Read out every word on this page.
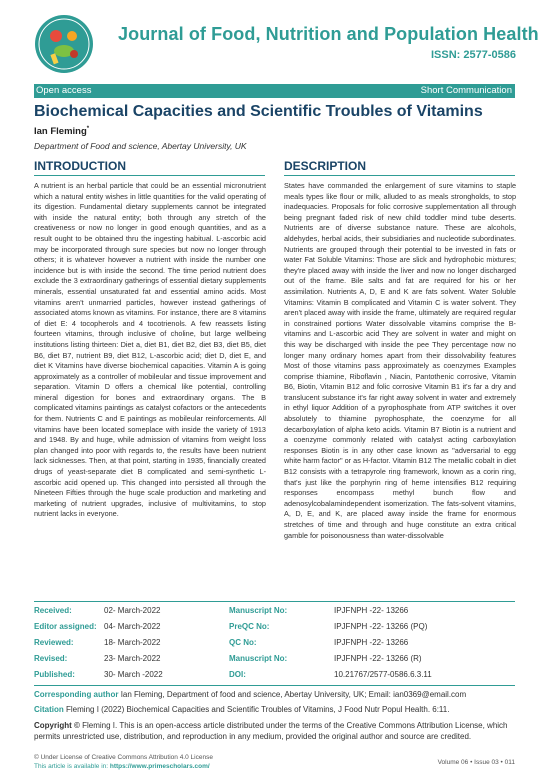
Journal of Food, Nutrition and Population Health
ISSN: 2577-0586
Open access	Short Communication
Biochemical Capacities and Scientific Troubles of Vitamins
Ian Fleming*
Department of Food and science, Abertay University, UK
INTRODUCTION	DESCRIPTION

A nutrient is an herbal particle that could be an essential micronutrient which a natural entity wishes in little quantities for the valid operating of its digestion. Fundamental dietary supplements cannot be integrated with inside the natural entity; both through any stretch of the creativeness or now no longer in good enough quantities, and as a result ought to be obtained thru the ingesting habitual. L-ascorbic acid may be incorporated through sure species but now no longer through others; it is whatever however a nutrient with inside the number one incidence but is with inside the second. The time period nutrient does exclude the 3 extraordinary gatherings of essential dietary supplements minerals, essential unsaturated fat and essential amino acids. Most vitamins aren't unmarried particles, however instead gatherings of associated atoms known as vitamins. For instance, there are 8 vitamins of diet E: 4 tocopherols and 4 tocotrienols. A few reassets listing fourteen vitamins, through inclusive of choline, but large wellbeing institutions listing thirteen: Diet a, diet B1, diet B2, diet B3, diet B5, diet B6, diet B7, nutrient B9, diet B12, L-ascorbic acid; diet D, diet E, and diet K Vitamins have diverse biochemical capacities. Vitamin A is going approximately as a controller of mobileular and tissue improvement and separation. Vitamin D offers a chemical like potential, controlling mineral digestion for bones and extraordinary organs. The B complicated vitamins paintings as catalyst cofactors or the antecedents for them. Nutrients C and E paintings as mobileular reinforcements. All vitamins have been located someplace with inside the variety of 1913 and 1948. By and huge, while admission of vitamins from weight loss plan changed into poor with regards to, the results have been nutrient lack sicknesses. Then, at that point, starting in 1935, financially created drugs of yeast-separate diet B complicated and semi-synthetic L-ascorbic acid opened up. This changed into persisted all through the Nineteen Fifties through the huge scale production and marketing and marketing of nutrient upgrades, inclusive of multivitamins, to stop nutrient lacks in everyone.

States have commanded the enlargement of sure vitamins to staple meals types like flour or milk, alluded to as meals strongholds, to stop inadequacies. Proposals for folic corrosive supplementation all through being pregnant faded risk of new child toddler mind tube deserts. Nutrients are of diverse substance nature. These are alcohols, aldehydes, herbal acids, their subsidiaries and nucleotide subordinates. Nutrients are grouped through their potential to be invested in fats or water Fat Soluble Vitamins: Those are slick and hydrophobic mixtures; they're placed away with inside the liver and now no longer discharged out of the frame. Bile salts and fat are required for his or her assimilation. Nutrients A, D, E and K are fats solvent. Water Soluble Vitamins: Vitamin B complicated and Vitamin C is water solvent. They aren't placed away with inside the frame, ultimately are required regular in constrained portions Water dissolvable vitamins comprise the B-vitamins and L-ascorbic acid They are solvent in water and might on this way be discharged with inside the pee They percentage now no longer many ordinary homes apart from their dissolvability features Most of those vitamins pass approximately as coenzymes Examples comprise thiamine, Riboflavin , Niacin, Pantothenic corrosive, Vitamin B6, Biotin, Vitamin B12 and folic corrosive Vitamin B1 it's far a dry and translucent substance it's far right away solvent in water and extremely in ethyl liquor Addition of a pyrophosphate from ATP switches it over absolutely to thiamine pyrophosphate, the coenzyme for all decarboxylation of alpha keto acids. Vitamin B7 Biotin is a nutrient and a coenzyme commonly related with catalyst acting carboxylation responses Biotin is in any other case known as "adversarial to egg white harm factor" or as H-factor. Vitamin B12 The metallic cobalt in diet B12 consists with a tetrapyrole ring framework, known as a corin ring, that's just like the porphyrin ring of heme intensifies B12 requiring responses encompass methyl bunch flow and adenosylcobalamindependent isomerization. The fats-solvent vitamins, A, D, E, and K, are placed away inside the frame for enormous stretches of time and through and huge constitute an extra critical gamble for poisonousness than water-dissolvable

Received:	02- March-2022	Manuscript No:	IPJFNPH -22- 13266
Editor assigned: 04- March-2022	PreQC No:	IPJFNPH -22- 13266 (PQ)
Reviewed:	18- March-2022	QC No:	IPJFNPH -22- 13266
Revised:	23- March-2022	Manuscript No:	IPJFNPH -22- 13266 (R)
Published:	30- March -2022	DOI:	10.21767/2577-0586.6.3.11
Corresponding author Ian Fleming, Department of food and science, Abertay University, UK; Email: ian0369@email.com
Citation Fleming I (2022) Biochemical Capacities and Scientific Troubles of Vitamins, J Food Nutr Popul Health. 6:11.
Copyright © Fleming I. This is an open-access article distributed under the terms of the Creative Commons Attribution License, which permits unrestricted use, distribution, and reproduction in any medium, provided the original author and source are credited.
© Under License of Creative Commons Attribution 4.0 License
This article is available in: https://www.primescholars.com/
Volume 06 • Issue 03 • 011
